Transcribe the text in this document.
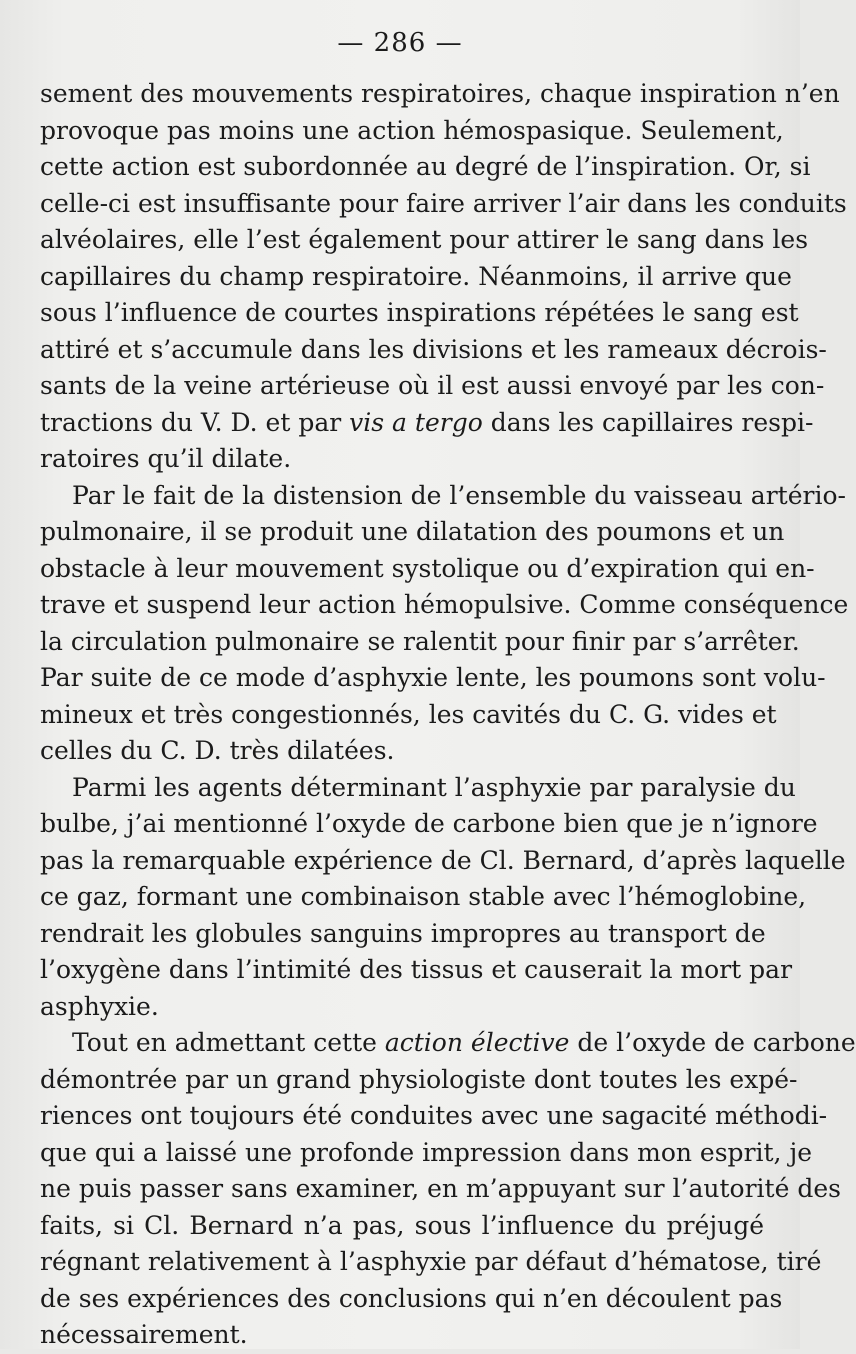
— 286 —
sement des mouvements respiratoires, chaque inspiration n’en
provoque pas moins une action hémospasique. Seulement,
cette action est subordonnée au degré de l’inspiration. Or, si
celle-ci est insuffisante pour faire arriver l’air dans les conduits
alvéolaires, elle l’est également pour attirer le sang dans les
capillaires du champ respiratoire. Néanmoins, il arrive que
sous l’influence de courtes inspirations répétées le sang est
attiré et s’accumule dans les divisions et les rameaux décrois-
sants de la veine artérieuse où il est aussi envoyé par les con-
tractions du V. D. et par vis a tergo dans les capillaires respi-
ratoires qu’il dilate.
Par le fait de la distension de l’ensemble du vaisseau artério-
pulmonaire, il se produit une dilatation des poumons et un
obstacle à leur mouvement systolique ou d’expiration qui en-
trave et suspend leur action hémopulsive. Comme conséquence
la circulation pulmonaire se ralentit pour finir par s’arrêter.
Par suite de ce mode d’asphyxie lente, les poumons sont volu-
mineux et très congestionnés, les cavités du C. G. vides et
celles du C. D. très dilatées.
Parmi les agents déterminant l’asphyxie par paralysie du
bulbe, j’ai mentionné l’oxyde de carbone bien que je n’ignore
pas la remarquable expérience de Cl. Bernard, d’après laquelle
ce gaz, formant une combinaison stable avec l’hémoglobine,
rendrait les globules sanguins impropres au transport de
l’oxygène dans l’intimité des tissus et causerait la mort par
asphyxie.
Tout en admettant cette action élective de l’oxyde de carbone
démontrée par un grand physiologiste dont toutes les expé-
riences ont toujours été conduites avec une sagacité méthodi-
que qui a laissé une profonde impression dans mon esprit, je
ne puis passer sans examiner, en m’appuyant sur l’autorité des
faits, si Cl. Bernard n’a pas, sous l’influence du préjugé
régnant relativement à l’asphyxie par défaut d’hématose, tiré
de ses expériences des conclusions qui n’en découlent pas
nécessairement.
